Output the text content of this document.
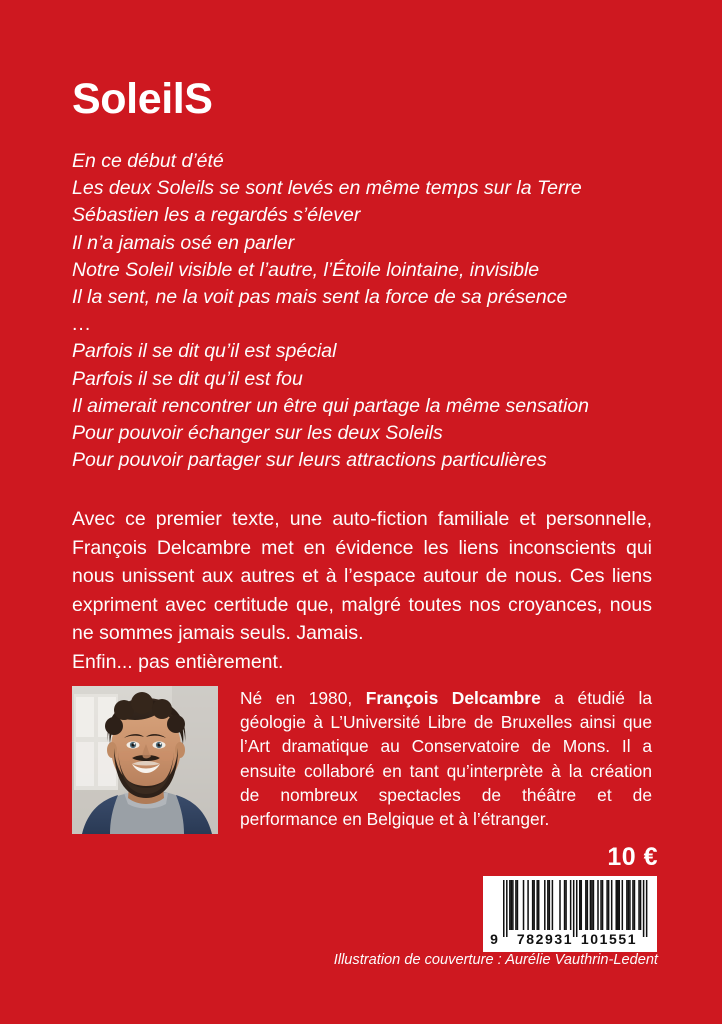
SoleilS
En ce début d’été
Les deux Soleils se sont levés en même temps sur la Terre
Sébastien les a regardés s’élever
Il n’a jamais osé en parler
Notre Soleil visible et l’autre, l’Étoile lointaine, invisible
Il la sent, ne la voit pas mais sent la force de sa présence
...
Parfois il se dit qu’il est spécial
Parfois il se dit qu’il est fou
Il aimerait rencontrer un être qui partage la même sensation
Pour pouvoir échanger sur les deux Soleils
Pour pouvoir partager sur leurs attractions particulières

Avec ce premier texte, une auto-fiction familiale et personnelle, François Delcambre met en évidence les liens inconscients qui nous unissent aux autres et à l’espace autour de nous. Ces liens expriment avec certitude que, malgré toutes nos croyances, nous ne sommes jamais seuls. Jamais.

Enfin... pas entièrement.

Né en 1980, François Delcambre a étudié la géologie à L’Université Libre de Bruxelles ainsi que l’Art dramatique au Conservatoire de Mons. Il a ensuite collaboré en tant qu’interprète à la création de nombreux spectacles de théâtre et de performance en Belgique et à l’étranger.
10 €
9 782931 101551
Illustration de couverture : Aurélie Vauthrin-Ledent
